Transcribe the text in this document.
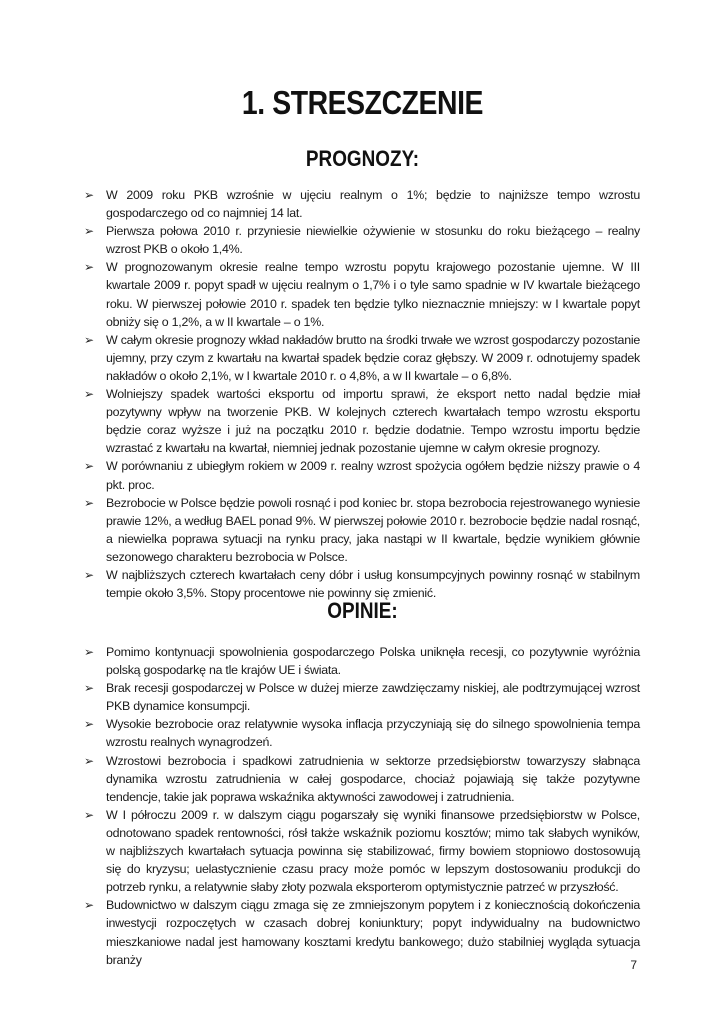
1. STRESZCZENIE
PROGNOZY:
➢ W 2009 roku PKB wzrośnie w ujęciu realnym o 1%; będzie to najniższe tempo wzrostu gospodarczego od co najmniej 14 lat.
➢ Pierwsza połowa 2010 r. przyniesie niewielkie ożywienie w stosunku do roku bieżącego – realny wzrost PKB o około 1,4%.
➢ W prognozowanym okresie realne tempo wzrostu popytu krajowego pozostanie ujemne. W III kwartale 2009 r. popyt spadł w ujęciu realnym o 1,7% i o tyle samo spadnie w IV kwartale bieżącego roku. W pierwszej połowie 2010 r. spadek ten będzie tylko nieznacznie mniejszy: w I kwartale popyt obniży się o 1,2%, a w II kwartale – o 1%.
➢ W całym okresie prognozy wkład nakładów brutto na środki trwałe we wzrost gospodarczy pozostanie ujemny, przy czym z kwartału na kwartał spadek będzie coraz głębszy. W 2009 r. odnotujemy spadek nakładów o około 2,1%, w I kwartale 2010 r. o 4,8%, a w II kwartale – o 6,8%.
➢ Wolniejszy spadek wartości eksportu od importu sprawi, że eksport netto nadal będzie miał pozytywny wpływ na tworzenie PKB. W kolejnych czterech kwartałach tempo wzrostu eksportu będzie coraz wyższe i już na początku 2010 r. będzie dodatnie. Tempo wzrostu importu będzie wzrastać z kwartału na kwartał, niemniej jednak pozostanie ujemne w całym okresie prognozy.
➢ W porównaniu z ubiegłym rokiem w 2009 r. realny wzrost spożycia ogółem będzie niższy prawie o 4 pkt. proc.
➢ Bezrobocie w Polsce będzie powoli rosnąć i pod koniec br. stopa bezrobocia rejestrowanego wyniesie prawie 12%, a według BAEL ponad 9%. W pierwszej połowie 2010 r. bezrobocie będzie nadal rosnąć, a niewielka poprawa sytuacji na rynku pracy, jaka nastąpi w II kwartale, będzie wynikiem głównie sezonowego charakteru bezrobocia w Polsce.
➢ W najbliższych czterech kwartałach ceny dóbr i usług konsumpcyjnych powinny rosnąć w stabilnym tempie około 3,5%. Stopy procentowe nie powinny się zmienić.
OPINIE:
➢ Pomimo kontynuacji spowolnienia gospodarczego Polska uniknęła recesji, co pozytywnie wyróżnia polską gospodarkę na tle krajów UE i świata.
➢ Brak recesji gospodarczej w Polsce w dużej mierze zawdzięczamy niskiej, ale podtrzymującej wzrost PKB dynamice konsumpcji.
➢ Wysokie bezrobocie oraz relatywnie wysoka inflacja przyczyniają się do silnego spowolnienia tempa wzrostu realnych wynagrodzeń.
➢ Wzrostowi bezrobocia i spadkowi zatrudnienia w sektorze przedsiębiorstw towarzyszy słabnąca dynamika wzrostu zatrudnienia w całej gospodarce, chociaż pojawiają się także pozytywne tendencje, takie jak poprawa wskaźnika aktywności zawodowej i zatrudnienia.
➢ W I półroczu 2009 r. w dalszym ciągu pogarszały się wyniki finansowe przedsiębiorstw w Polsce, odnotowano spadek rentowności, rósł także wskaźnik poziomu kosztów; mimo tak słabych wyników, w najbliższych kwartałach sytuacja powinna się stabilizować, firmy bowiem stopniowo dostosowują się do kryzysu; uelastycznienie czasu pracy może pomóc w lepszym dostosowaniu produkcji do potrzeb rynku, a relatywnie słaby złoty pozwala eksporterom optymistycznie patrzeć w przyszłość.
➢ Budownictwo w dalszym ciągu zmaga się ze zmniejszonym popytem i z koniecznością dokończenia inwestycji rozpoczętych w czasach dobrej koniunktury; popyt indywidualny na budownictwo mieszkaniowe nadal jest hamowany kosztami kredytu bankowego; dużo stabilniej wygląda sytuacja branży	7
